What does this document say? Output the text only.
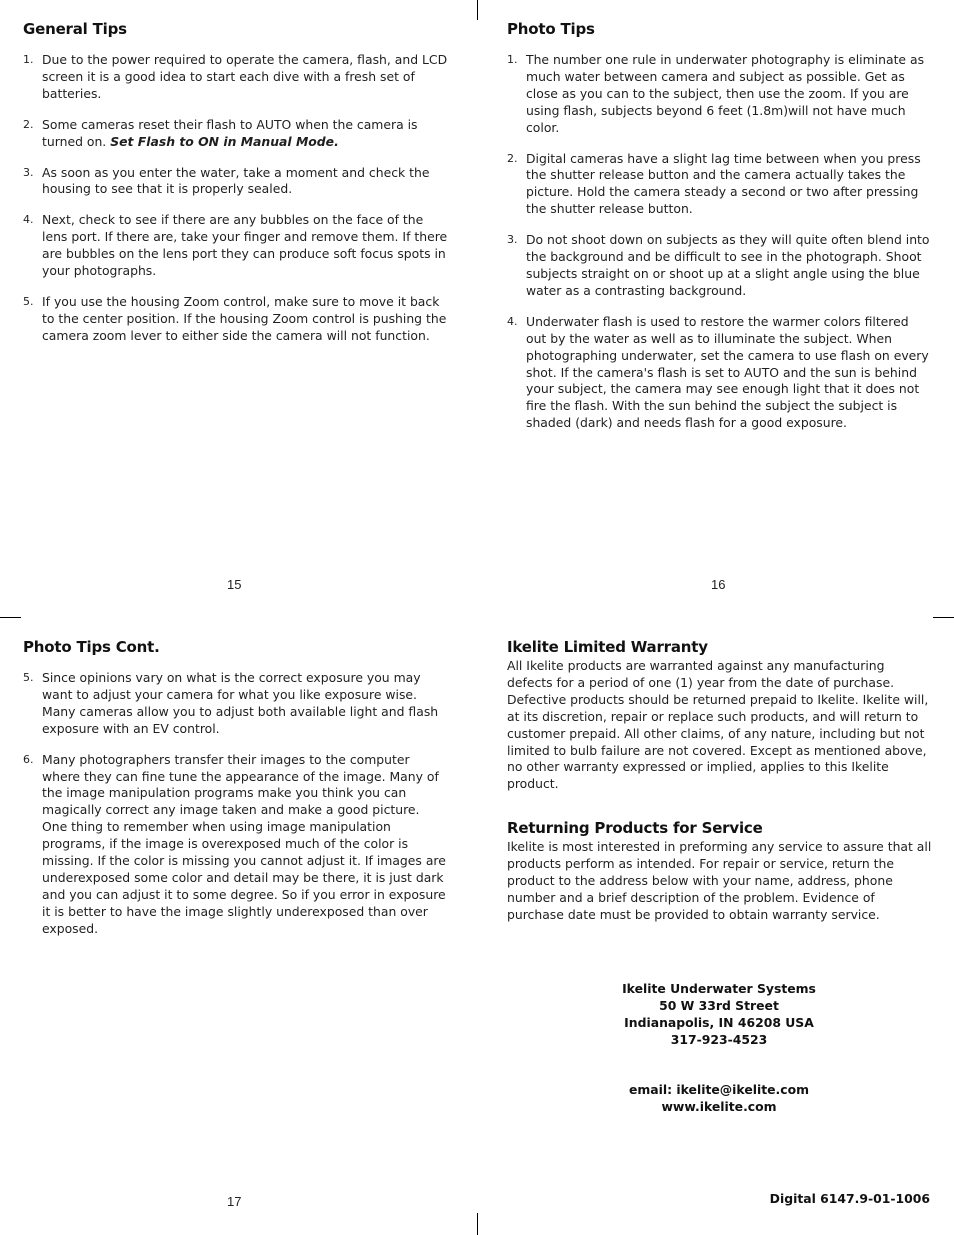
General Tips
1. Due to the power required to operate the camera, flash, and LCD screen it is a good idea to start each dive with a fresh set of batteries.
2. Some cameras reset their flash to AUTO when the camera is turned on. Set Flash to ON in Manual Mode.
3. As soon as you enter the water, take a moment and check the housing to see that it is properly sealed.
4. Next, check to see if there are any bubbles on the face of the lens port. If there are, take your finger and remove them. If there are bubbles on the lens port they can produce soft focus spots in your photographs.
5. If you use the housing Zoom control, make sure to move it back to the center position. If the housing Zoom control is pushing the camera zoom lever to either side the camera will not function.
15
Photo Tips
1. The number one rule in underwater photography is eliminate as much water between camera and subject as possible. Get as close as you can to the subject, then use the zoom. If you are using flash, subjects beyond 6 feet (1.8m)will not have much color.
2. Digital cameras have a slight lag time between when you press the shutter release button and the camera actually takes the picture. Hold the camera steady a second or two after pressing the shutter release button.
3. Do not shoot down on subjects as they will quite often blend into the background and be difficult to see in the photograph. Shoot subjects straight on or shoot up at a slight angle using the blue water as a contrasting background.
4. Underwater flash is used to restore the warmer colors filtered out by the water as well as to illuminate the subject. When photographing underwater, set the camera to use flash on every shot. If the camera's flash is set to AUTO and the sun is behind your subject, the camera may see enough light that it does not fire the flash. With the sun behind the subject the subject is shaded (dark) and needs flash for a good exposure.
16
Photo Tips Cont.
5. Since opinions vary on what is the correct exposure you may want to adjust your camera for what you like exposure wise. Many cameras allow you to adjust both available light and flash exposure with an EV control.
6. Many photographers transfer their images to the computer where they can fine tune the appearance of the image. Many of the image manipulation programs make you think you can magically correct any image taken and make a good picture. One thing to remember when using image manipulation programs, if the image is overexposed much of the color is missing. If the color is missing you cannot adjust it. If images are underexposed some color and detail may be there, it is just dark and you can adjust it to some degree. So if you error in exposure it is better to have the image slightly underexposed than over exposed.
17
Ikelite Limited Warranty

All Ikelite products are warranted against any manufacturing defects for a period of one (1) year from the date of purchase. Defective products should be returned prepaid to Ikelite. Ikelite will, at its discretion, repair or replace such products, and will return to customer prepaid. All other claims, of any nature, including but not limited to bulb failure are not covered. Except as mentioned above, no other warranty expressed or implied, applies to this Ikelite product.

Returning Products for Service

Ikelite is most interested in preforming any service to assure that all products perform as intended. For repair or service, return the product to the address below with your name, address, phone number and a brief description of the problem. Evidence of purchase date must be provided to obtain warranty service.

Ikelite Underwater Systems
50 W 33rd Street
Indianapolis, IN 46208 USA
317-923-4523
email: ikelite@ikelite.com
www.ikelite.com
Digital 6147.9-01-1006
